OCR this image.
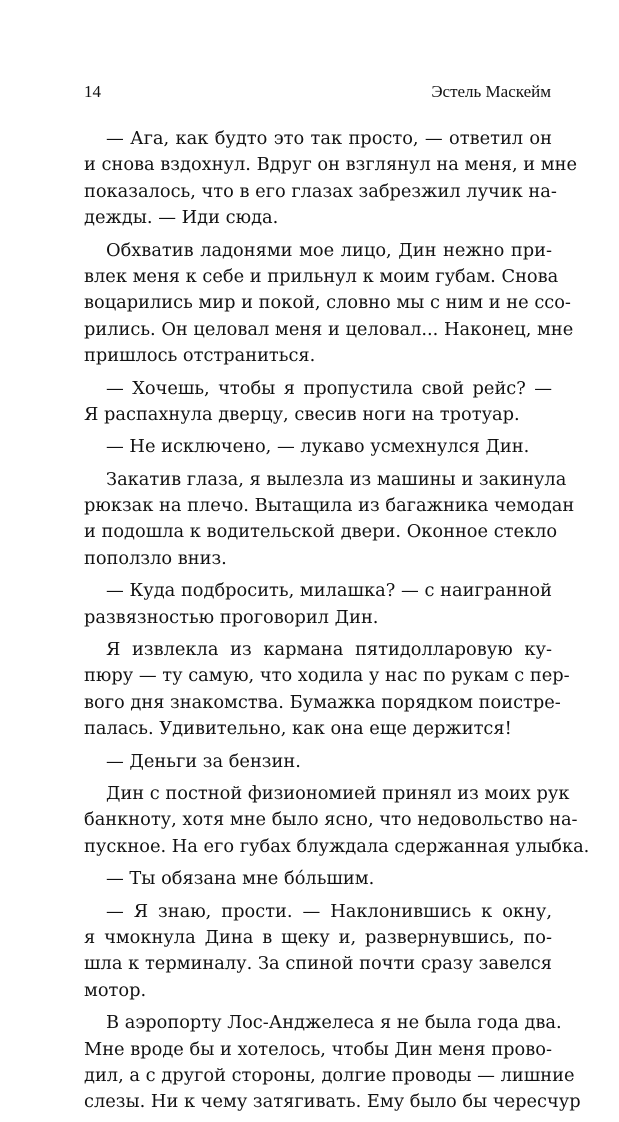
14	Эстель Маскейм

— Ага, как будто это так просто, — ответил он
и снова вздохнул. Вдруг он взглянул на меня, и мне
показалось, что в его глазах забрезжил лучик на-
дежды. — Иди сюда.

Обхватив ладонями мое лицо, Дин нежно при-
влек меня к себе и прильнул к моим губам. Снова
воцарились мир и покой, словно мы с ним и не ссо-
рились. Он целовал меня и целовал... Наконец, мне
пришлось отстраниться.

— Хочешь, чтобы я пропустила свой рейс? —
Я распахнула дверцу, свесив ноги на тротуар.

— Не исключено, — лукаво усмехнулся Дин.

Закатив глаза, я вылезла из машины и закинула
рюкзак на плечо. Вытащила из багажника чемодан
и подошла к водительской двери. Оконное стекло
поползло вниз.

— Куда подбросить, милашка? — с наигранной
развязностью проговорил Дин.

Я извлекла из кармана пятидолларовую ку-
пюру — ту самую, что ходила у нас по рукам с пер-
вого дня знакомства. Бумажка порядком поистре-
палась. Удивительно, как она еще держится!

— Деньги за бензин.

Дин с постной физиономией принял из моих рук
банкноту, хотя мне было ясно, что недовольство на-
пускное. На его губах блуждала сдержанная улыбка.

— Ты обязана мне бо́льшим.

— Я знаю, прости. — Наклонившись к окну,
я чмокнула Дина в щеку и, развернувшись, по-
шла к терминалу. За спиной почти сразу завелся
мотор.

В аэропорту Лос-Анджелеса я не была года два.
Мне вроде бы и хотелось, чтобы Дин меня прово-
дил, а с другой стороны, долгие проводы — лишние
слезы. Ни к чему затягивать. Ему было бы чересчур
